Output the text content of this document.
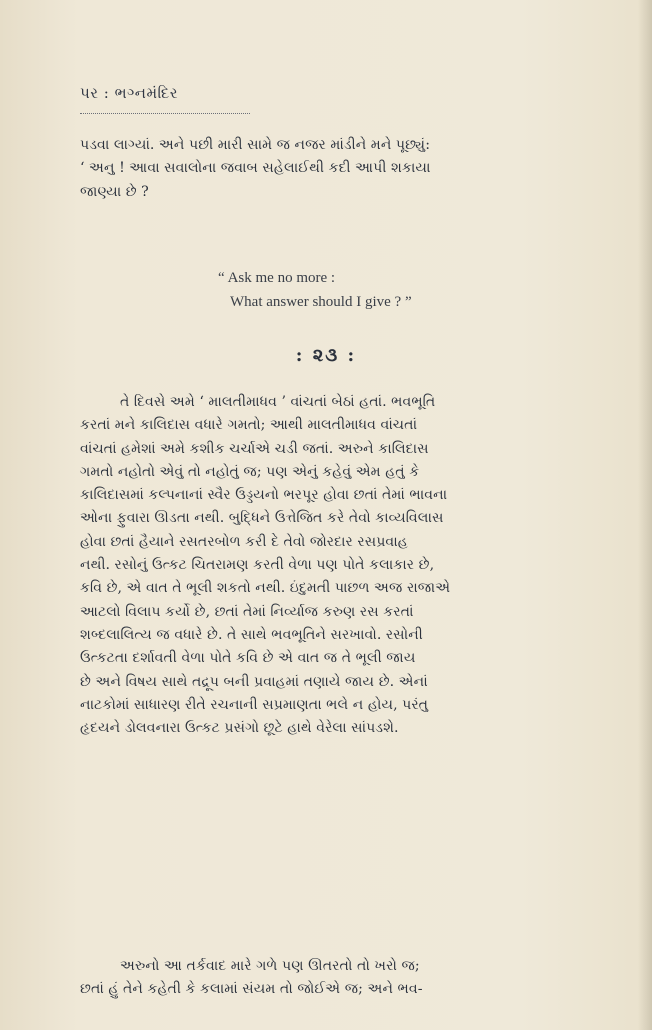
પર : ભગ્નમંદિર
પડવા લાગ્યાં. અને પછી મારી સામે જ નજર માંડીને મને પૂછ્યું:
‘ અનુ ! આવા સવાલોના જવાબ સહેલાઈથી કદી આપી શકાયા
જાણ્યા છે ?
“ Ask me no more :
What answer should I give ? ”
: ૨૩ :
તે દિવસે અમે ‘ માલતીમાધવ ’ વાંચતાં બેઠાં હતાં. ભવભૂતિ
કરતાં મને કાલિદાસ વધારે ગમતો; આથી માલતીમાધવ વાંચતાં
વાંચતાં હમેશાં અમે કશીક ચર્ચાએ ચડી જતાં. અરુને કાલિદાસ
ગમતો નહોતો એવું તો નહોતું જ; પણ એનું કહેવું એમ હતું કે
કાલિદાસમાં કલ્પનાનાં સ્વૈર ઉડ્ડયનો ભરપૂર હોવા છતાં તેમાં ભાવના
ઓના ફુવારા ઊડતા નથી. બુદ્ધિને ઉત્તેજિત કરે તેવો કાવ્યવિલાસ
હોવા છતાં હૈયાને રસતરબોળ કરી દે તેવો જોરદાર રસપ્રવાહ
નથી. રસોનું ઉત્કટ ચિતરામણ કરતી વેળા પણ પોતે કલાકાર છે,
કવિ છે, એ વાત તે ભૂલી શકતો નથી. ઇંદુમતી પાછળ અજ રાજાએ
આટલો વિલાપ કર્યો છે, છતાં તેમાં નિર્વ્યાજ કરુણ રસ કરતાં
શબ્દલાલિત્ય જ વધારે છે. તે સાથે ભવભૂતિને સરખાવો. રસોની
ઉત્કટતા દર્શાવતી વેળા પોતે કવિ છે એ વાત જ તે ભૂલી જાય
છે અને વિષય સાથે તદ્રૂપ બની પ્રવાહમાં તણાયે જાય છે. એનાં
નાટકોમાં સાધારણ રીતે રચનાની સપ્રમાણતા ભલે ન હોય, પરંતુ
હૃદયને ડોલવનારા ઉત્કટ પ્રસંગો છૂટે હાથે વેરેલા સાંપડશે.
અરુનો આ તર્કવાદ મારે ગળે પણ ઊતરતો તો ખરો જ;
છતાં હું તેને કહેતી કે કલામાં સંયમ તો જોઈએ જ; અને ભવ-
